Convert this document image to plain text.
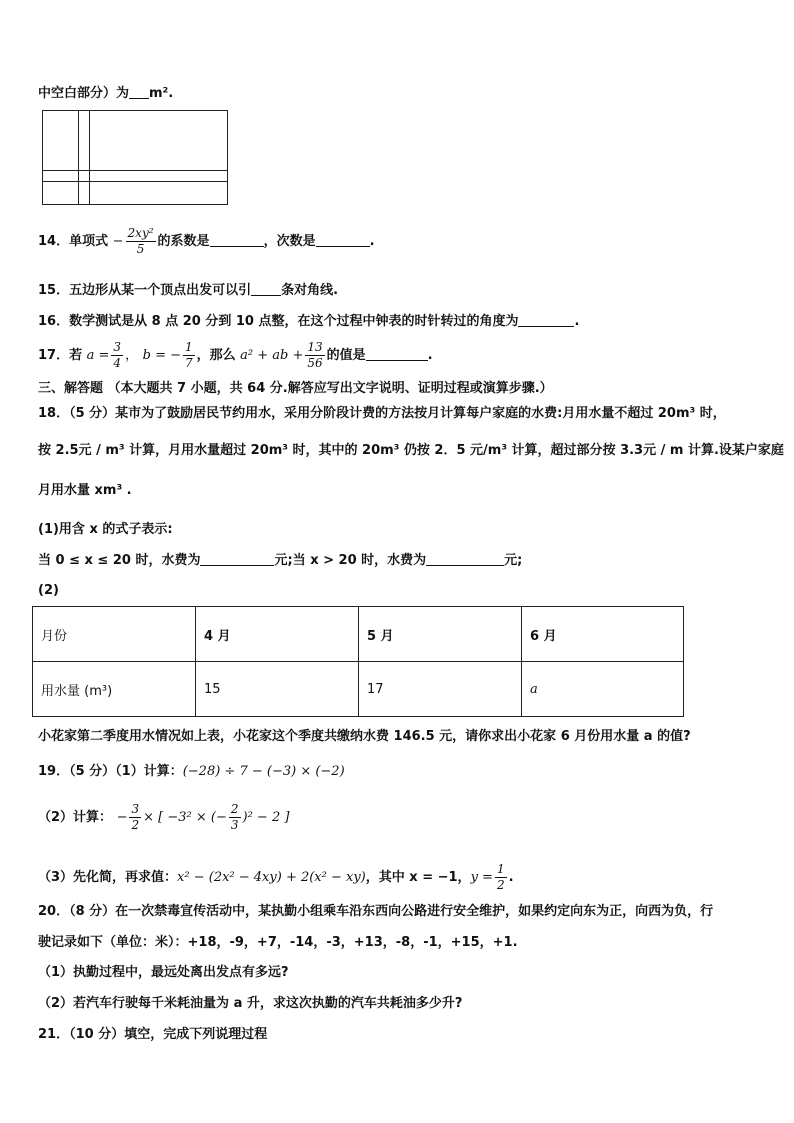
中空白部分）为 m².
14．单项式 − $\frac{\text{2xy²}}{5}$ 的系数是	，次数是	.
15．五边形从某一个顶点出发可以引 条对角线.
16．数学测试是从 8 点 20 分到 10 点整，在这个过程中钟表的时针转过的角度为	.
17．若 $a = \frac{3}{4}$ ， b = − $\frac{1}{7}$ ，那么 a² + ab + $\frac{13}{56}$ 的值是	.
三、解答题 （本大题共 7 小题，共 64 分.解答应写出文字说明、证明过程或演算步骤.）
18．（5 分）某市为了鼓励居民节约用水，采用分阶段计费的方法按月计算每户家庭的水费:月用水量不超过 20m³ 时，
按 2.5元 / m³ 计算，月用水量超过 20m³ 时，其中的 20m³ 仍按 2．5 元/m³ 计算，超过部分按 3.3元 / m 计算.设某户家庭
月用水量 xm³ .
(1)用含 x 的式子表示:
当 0 ≤ x ≤ 20 时，水费为	元;当 x > 20 时，水费为	元;
(2)
月份	4 月	5 月	6 月
用水量 (m³)	15	17	a
小花家第二季度用水情况如上表，小花家这个季度共缴纳水费 146.5 元，请你求出小花家 6 月份用水量 a 的值?
19．（5 分）（1）计算：(−28) ÷ 7 − (−3) × (−2)
（2）计算： − $\frac{3}{2}$ × [ −3² × (− $\frac{2}{3} )^2 - 2$ ]
（3）先化简，再求值：x² − (2x² − 4xy) + 2(x² − xy)，其中 x = −1，$y = \frac{1}{2}$ .
20．（8 分）在一次禁毒宣传活动中，某执勤小组乘车沿东西向公路进行安全维护，如果约定向东为正，向西为负，行
驶记录如下（单位：米）：+18，-9，+7，-14，-3，+13，-8，-1，+15，+1.
（1）执勤过程中，最远处离出发点有多远?
（2）若汽车行驶每千米耗油量为 a 升，求这次执勤的汽车共耗油多少升?
21．（10 分）填空，完成下列说理过程
